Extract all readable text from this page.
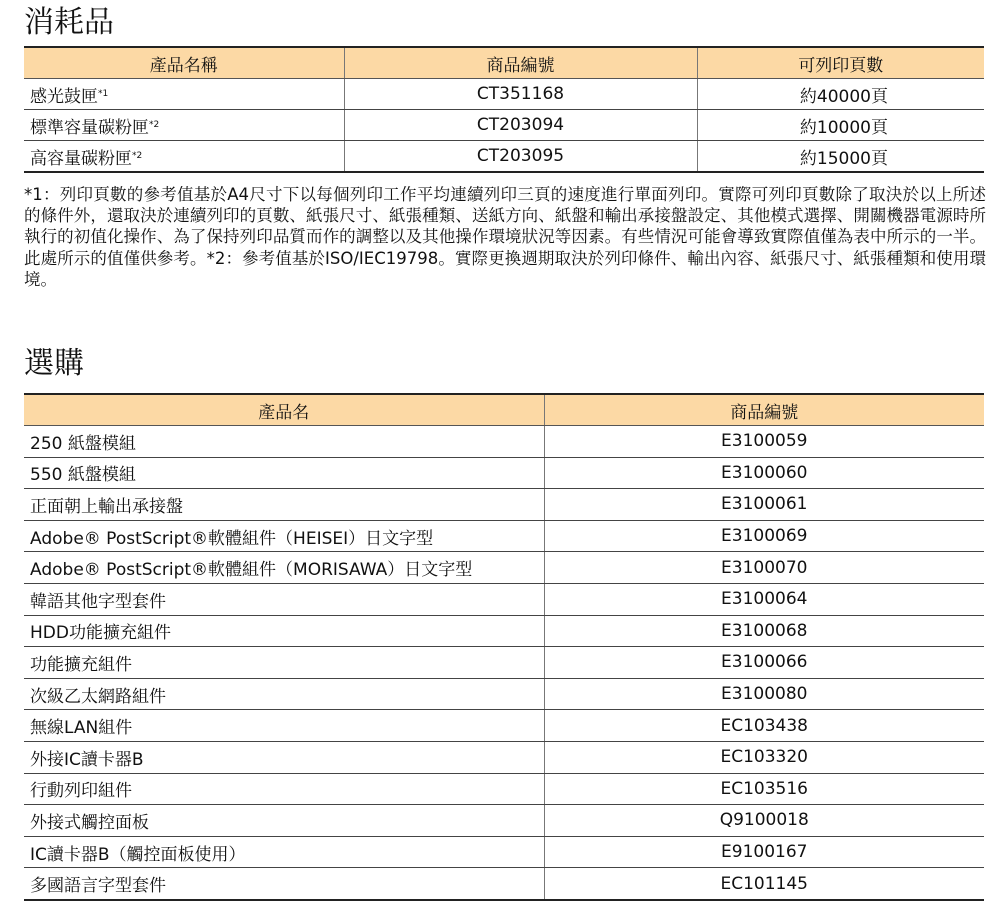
消耗品
產品名稱	商品編號	可列印頁數
感光鼓匣$^{*1}$	CT351168	約40000頁
標準容量碳粉匣$^{*2}$	CT203094	約10000頁
高容量碳粉匣$^{*2}$	CT203095	約15000頁

*1：列印頁數的參考值基於A4尺寸下以每個列印工作平均連續列印三頁的速度進行單面列印。實際可列印頁數除了取決於以上所述的條件外，還取決於連續列印的頁數、紙張尺寸、紙張種類、送紙方向、紙盤和輸出承接盤設定、其他模式選擇、開關機器電源時所執行的初值化操作、為了保持列印品質而作的調整以及其他操作環境狀況等因素。有些情況可能會導致實際值僅為表中所示的一半。此處所示的值僅供參考。*2：參考值基於ISO/IEC19798。實際更換週期取決於列印條件、輸出內容、紙張尺寸、紙張種類和使用環境。

選購
產品名	商品編號
250 紙盤模組	E3100059
550 紙盤模組	E3100060
正面朝上輸出承接盤	E3100061
Adobe® PostScript®軟體組件（HEISEI）日文字型	E3100069
Adobe® PostScript®軟體組件（MORISAWA）日文字型	E3100070
韓語其他字型套件	E3100064
HDD功能擴充組件	E3100068
功能擴充組件	E3100066
次級乙太網路組件	E3100080
無線LAN組件	EC103438
外接IC讀卡器B	EC103320
行動列印組件	EC103516
外接式觸控面板	Q9100018
IC讀卡器B（觸控面板使用）	E9100167
多國語言字型套件	EC101145
